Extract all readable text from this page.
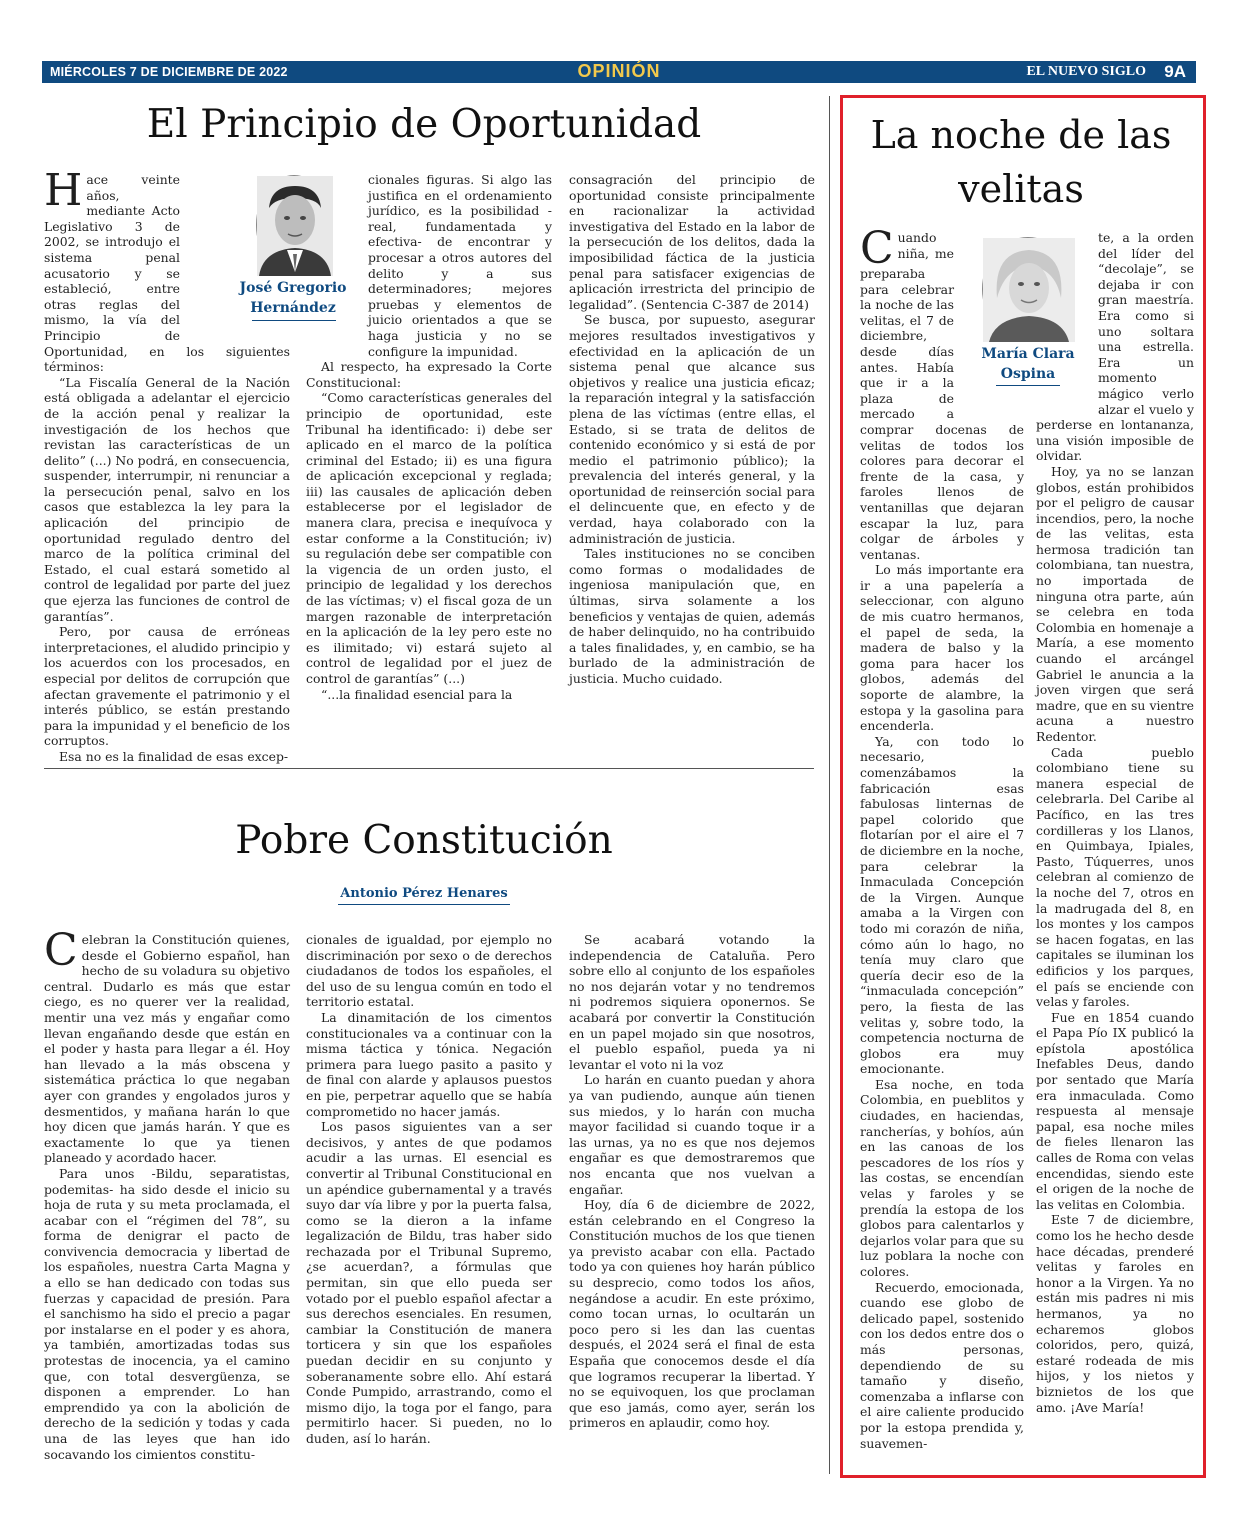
MIÉRCOLES 7 DE DICIEMBRE DE 2022	OPINIÓN	EL NUEVO SIGLO 9A
El Principio de Oportunidad
José Gregorio Hernández

Hace veinte años, mediante Acto Legislativo 3 de 2002, se introdujo el sistema penal acusatorio y se estableció, entre otras reglas del mismo, la vía del Principio de Oportunidad, en los siguientes términos:

“La Fiscalía General de la Nación está obligada a adelantar el ejercicio de la acción penal y realizar la investigación de los hechos que revistan las características de un delito” (...) No podrá, en consecuencia, suspender, interrumpir, ni renunciar a la persecución penal, salvo en los casos que establezca la ley para la aplicación del principio de oportunidad regulado dentro del marco de la política criminal del Estado, el cual estará sometido al control de legalidad por parte del juez que ejerza las funciones de control de garantías”.

Pero, por causa de erróneas interpretaciones, el aludido principio y los acuerdos con los procesados, en especial por delitos de corrupción que afectan gravemente el patrimonio y el interés público, se están prestando para la impunidad y el beneficio de los corruptos.

Esa no es la finalidad de esas excep-

cionales figuras. Si algo las justifica en el ordenamiento jurídico, es la posibilidad -real, fundamentada y efectiva- de encontrar y procesar a otros autores del delito y a sus determinadores; mejores pruebas y elementos de juicio orientados a que se haga justicia y no se configure la impunidad.

Al respecto, ha expresado la Corte Constitucional:

“Como características generales del principio de oportunidad, este Tribunal ha identificado: i) debe ser aplicado en el marco de la política criminal del Estado; ii) es una figura de aplicación excepcional y reglada; iii) las causales de aplicación deben establecerse por el legislador de manera clara, precisa e inequívoca y estar conforme a la Constitución; iv) su regulación debe ser compatible con la vigencia de un orden justo, el principio de legalidad y los derechos de las víctimas; v) el fiscal goza de un margen razonable de interpretación en la aplicación de la ley pero este no es ilimitado; vi) estará sujeto al control de legalidad por el juez de control de garantías” (...)

“...la finalidad esencial para la

consagración del principio de oportunidad consiste principalmente en racionalizar la actividad investigativa del Estado en la labor de la persecución de los delitos, dada la imposibilidad fáctica de la justicia penal para satisfacer exigencias de aplicación irrestricta del principio de legalidad”. (Sentencia C-387 de 2014)

Se busca, por supuesto, asegurar mejores resultados investigativos y efectividad en la aplicación de un sistema penal que alcance sus objetivos y realice una justicia eficaz; la reparación integral y la satisfacción plena de las víctimas (entre ellas, el Estado, si se trata de delitos de contenido económico y si está de por medio el patrimonio público); la prevalencia del interés general, y la oportunidad de reinserción social para el delincuente que, en efecto y de verdad, haya colaborado con la administración de justicia.

Tales instituciones no se conciben como formas o modalidades de ingeniosa manipulación que, en últimas, sirva solamente a los beneficios y ventajas de quien, además de haber delinquido, no ha contribuido a tales finalidades, y, en cambio, se ha burlado de la administración de justicia. Mucho cuidado.

Pobre Constitución
Antonio Pérez Henares

Celebran la Constitución quienes, desde el Gobierno español, han hecho de su voladura su objetivo central. Dudarlo es más que estar ciego, es no querer ver la realidad, mentir una vez más y engañar como llevan engañando desde que están en el poder y hasta para llegar a él. Hoy han llevado a la más obscena y sistemática práctica lo que negaban ayer con grandes y engolados juros y desmentidos, y mañana harán lo que hoy dicen que jamás harán. Y que es exactamente lo que ya tienen planeado y acordado hacer.

Para unos -Bildu, separatistas, podemitas- ha sido desde el inicio su hoja de ruta y su meta proclamada, el acabar con el “régimen del 78”, su forma de denigrar el pacto de convivencia democracia y libertad de los españoles, nuestra Carta Magna y a ello se han dedicado con todas sus fuerzas y capacidad de presión. Para el sanchismo ha sido el precio a pagar por instalarse en el poder y es ahora, ya también, amortizadas todas sus protestas de inocencia, ya el camino que, con total desvergüenza, se disponen a emprender. Lo han emprendido ya con la abolición de derecho de la sedición y todas y cada una de las leyes que han ido socavando los cimientos constitu-

cionales de igualdad, por ejemplo no discriminación por sexo o de derechos ciudadanos de todos los españoles, el del uso de su lengua común en todo el territorio estatal.

La dinamitación de los cimentos constitucionales va a continuar con la misma táctica y tónica. Negación primera para luego pasito a pasito y de final con alarde y aplausos puestos en pie, perpetrar aquello que se había comprometido no hacer jamás.

Los pasos siguientes van a ser decisivos, y antes de que podamos acudir a las urnas. El esencial es convertir al Tribunal Constitucional en un apéndice gubernamental y a través suyo dar vía libre y por la puerta falsa, como se la dieron a la infame legalización de Bildu, tras haber sido rechazada por el Tribunal Supremo, ¿se acuerdan?, a fórmulas que permitan, sin que ello pueda ser votado por el pueblo español afectar a sus derechos esenciales. En resumen, cambiar la Constitución de manera torticera y sin que los españoles puedan decidir en su conjunto y soberanamente sobre ello. Ahí estará Conde Pumpido, arrastrando, como el mismo dijo, la toga por el fango, para permitirlo hacer. Si pueden, no lo duden, así lo harán.

Se acabará votando la independencia de Cataluña. Pero sobre ello al conjunto de los españoles no nos dejarán votar y no tendremos ni podremos siquiera oponernos. Se acabará por convertir la Constitución en un papel mojado sin que nosotros, el pueblo español, pueda ya ni levantar el voto ni la voz

Lo harán en cuanto puedan y ahora ya van pudiendo, aunque aún tienen sus miedos, y lo harán con mucha mayor facilidad si cuando toque ir a las urnas, ya no es que nos dejemos engañar es que demostraremos que nos encanta que nos vuelvan a engañar.

Hoy, día 6 de diciembre de 2022, están celebrando en el Congreso la Constitución muchos de los que tienen ya previsto acabar con ella. Pactado todo ya con quienes hoy harán público su desprecio, como todos los años, negándose a acudir. En este próximo, como tocan urnas, lo ocultarán un poco pero si les dan las cuentas después, el 2024 será el final de esta España que conocemos desde el día que logramos recuperar la libertad. Y no se equivoquen, los que proclaman que eso jamás, como ayer, serán los primeros en aplaudir, como hoy.

La noche de las velitas
María Clara Ospina

Cuando niña, me preparaba para celebrar la noche de las velitas, el 7 de diciembre, desde días antes. Había que ir a la plaza de mercado a comprar docenas de velitas de todos los colores para decorar el frente de la casa, y faroles llenos de ventanillas que dejaran escapar la luz, para colgar de árboles y ventanas.

Lo más importante era ir a una papelería a seleccionar, con alguno de mis cuatro hermanos, el papel de seda, la madera de balso y la goma para hacer los globos, además del soporte de alambre, la estopa y la gasolina para encenderla.

Ya, con todo lo necesario, comenzábamos la fabricación esas fabulosas linternas de papel colorido que flotarían por el aire el 7 de diciembre en la noche, para celebrar la Inmaculada Concepción de la Virgen. Aunque amaba a la Virgen con todo mi corazón de niña, cómo aún lo hago, no tenía muy claro que quería decir eso de la “inmaculada concepción” pero, la fiesta de las velitas y, sobre todo, la competencia nocturna de globos era muy emocionante.

Esa noche, en toda Colombia, en pueblitos y ciudades, en haciendas, rancherías, y bohíos, aún en las canoas de los pescadores de los ríos y las costas, se encendían velas y faroles y se prendía la estopa de los globos para calentarlos y dejarlos volar para que su luz poblara la noche con colores.

Recuerdo, emocionada, cuando ese globo de delicado papel, sostenido con los dedos entre dos o más personas, dependiendo de su tamaño y diseño, comenzaba a inflarse con el aire caliente producido por la estopa prendida y, suavemen-

te, a la orden del líder del “decolaje”, se dejaba ir con gran maestría. Era como si uno soltara una estrella. Era un momento mágico verlo alzar el vuelo y perderse en lontananza, una visión imposible de olvidar.

Hoy, ya no se lanzan globos, están prohibidos por el peligro de causar incendios, pero, la noche de las velitas, esta hermosa tradición tan colombiana, tan nuestra, no importada de ninguna otra parte, aún se celebra en toda Colombia en homenaje a María, a ese momento cuando el arcángel Gabriel le anuncia a la joven virgen que será madre, que en su vientre acuna a nuestro Redentor.

Cada pueblo colombiano tiene su manera especial de celebrarla. Del Caribe al Pacífico, en las tres cordilleras y los Llanos, en Quimbaya, Ipiales, Pasto, Túquerres, unos celebran al comienzo de la noche del 7, otros en la madrugada del 8, en los montes y los campos se hacen fogatas, en las capitales se iluminan los edificios y los parques, el país se enciende con velas y faroles.

Fue en 1854 cuando el Papa Pío IX publicó la epístola apostólica Inefables Deus, dando por sentado que María era inmaculada. Como respuesta al mensaje papal, esa noche miles de fieles llenaron las calles de Roma con velas encendidas, siendo este el origen de la noche de las velitas en Colombia.

Este 7 de diciembre, como los he hecho desde hace décadas, prenderé velitas y faroles en honor a la Virgen. Ya no están mis padres ni mis hermanos, ya no echaremos globos coloridos, pero, quizá, estaré rodeada de mis hijos, y los nietos y biznietos de los que amo. ¡Ave María!
